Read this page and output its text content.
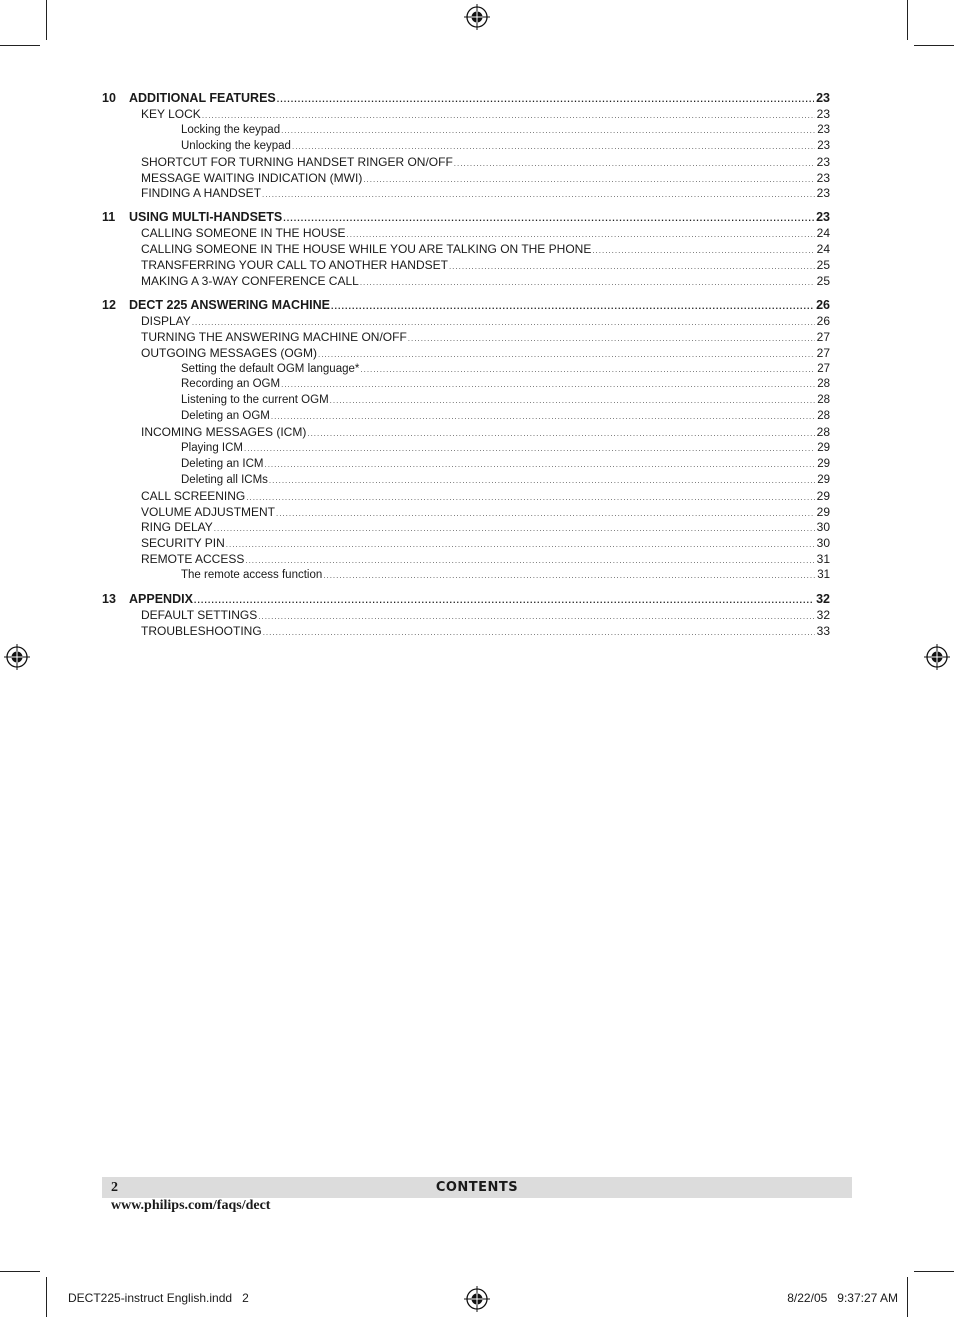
10 ADDITIONAL FEATURES .....	23
KEY LOCK .....	23
Locking the keypad .....	23
Unlocking the keypad .....	23
SHORTCUT FOR TURNING HANDSET RINGER ON/OFF .....	23
MESSAGE WAITING INDICATION (MWI) .....	23
FINDING A HANDSET .....	23
11 USING MULTI-HANDSETS .....	23
CALLING SOMEONE IN THE HOUSE .....	24
CALLING SOMEONE IN THE HOUSE WHILE YOU ARE TALKING ON THE PHONE .....	24
TRANSFERRING YOUR CALL TO ANOTHER HANDSET .....	25
MAKING A 3-WAY CONFERENCE CALL .....	25
12 DECT 225 ANSWERING MACHINE .....	26
DISPLAY .....	26
TURNING THE ANSWERING MACHINE ON/OFF .....	27
OUTGOING MESSAGES (OGM) .....	27
Setting the default OGM language* .....	27
Recording an OGM .....	28
Listening to the current OGM .....	28
Deleting an OGM .....	28
INCOMING MESSAGES (ICM) .....	28
Playing ICM .....	29
Deleting an ICM .....	29
Deleting all ICMs .....	29
CALL SCREENING .....	29
VOLUME ADJUSTMENT .....	29
RING DELAY .....	30
SECURITY PIN .....	30
REMOTE ACCESS .....	31
The remote access function .....	31
13 APPENDIX .....	32
DEFAULT SETTINGS .....	32
TROUBLESHOOTING .....	33
2	CONTENTS
www.philips.com/faqs/dect
DECT225-instruct English.indd   2	8/22/05   9:37:27 AM
